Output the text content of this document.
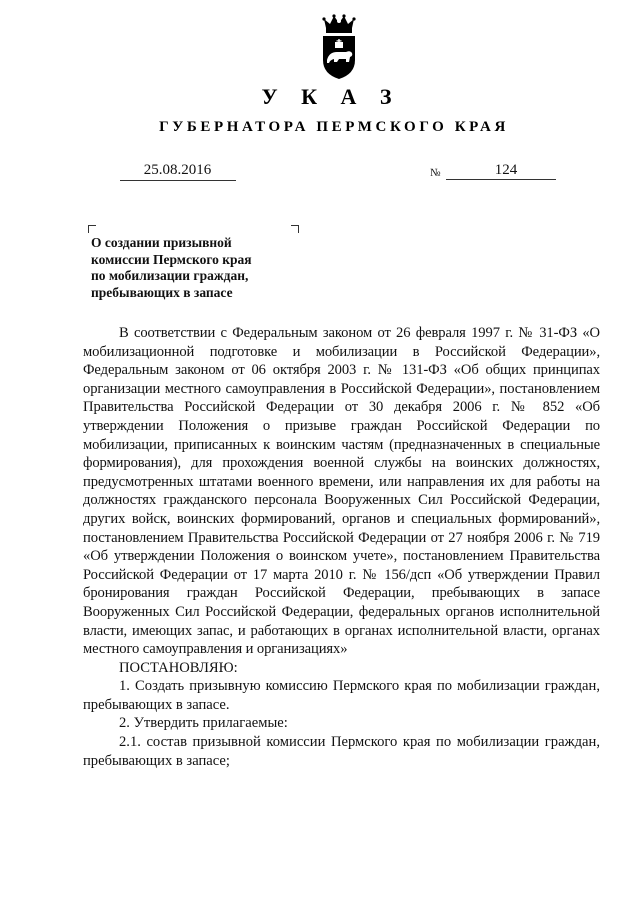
У К А З
ГУБЕРНАТОРА ПЕРМСКОГО КРАЯ
25.08.2016	№	124
О создании призывной
комиссии Пермского края
по мобилизации граждан,
пребывающих в запасе

В соответствии с Федеральным законом от 26 февраля 1997 г. № 31-ФЗ «О мобилизационной подготовке и мобилизации в Российской Федерации», Федеральным законом от 06 октября 2003 г. № 131-ФЗ «Об общих принципах организации местного самоуправления в Российской Федерации», постановлением Правительства Российской Федерации от 30 декабря 2006 г. № 852 «Об утверждении Положения о призыве граждан Российской Федерации по мобилизации, приписанных к воинским частям (предназначенных в специальные формирования), для прохождения военной службы на воинских должностях, предусмотренных штатами военного времени, или направления их для работы на должностях гражданского персонала Вооруженных Сил Российской Федерации, других войск, воинских формирований, органов и специальных формирований», постановлением Правительства Российской Федерации от 27 ноября 2006 г. № 719 «Об утверждении Положения о воинском учете», постановлением Правительства Российской Федерации от 17 марта 2010 г. № 156/дсп «Об утверждении Правил бронирования граждан Российской Федерации, пребывающих в запасе Вооруженных Сил Российской Федерации, федеральных органов исполнительной власти, имеющих запас, и работающих в органах исполнительной власти, органах местного самоуправления и организациях»

ПОСТАНОВЛЯЮ:

1. Создать призывную комиссию Пермского края по мобилизации граждан, пребывающих в запасе.

2. Утвердить прилагаемые:

2.1. состав призывной комиссии Пермского края по мобилизации граждан, пребывающих в запасе;
